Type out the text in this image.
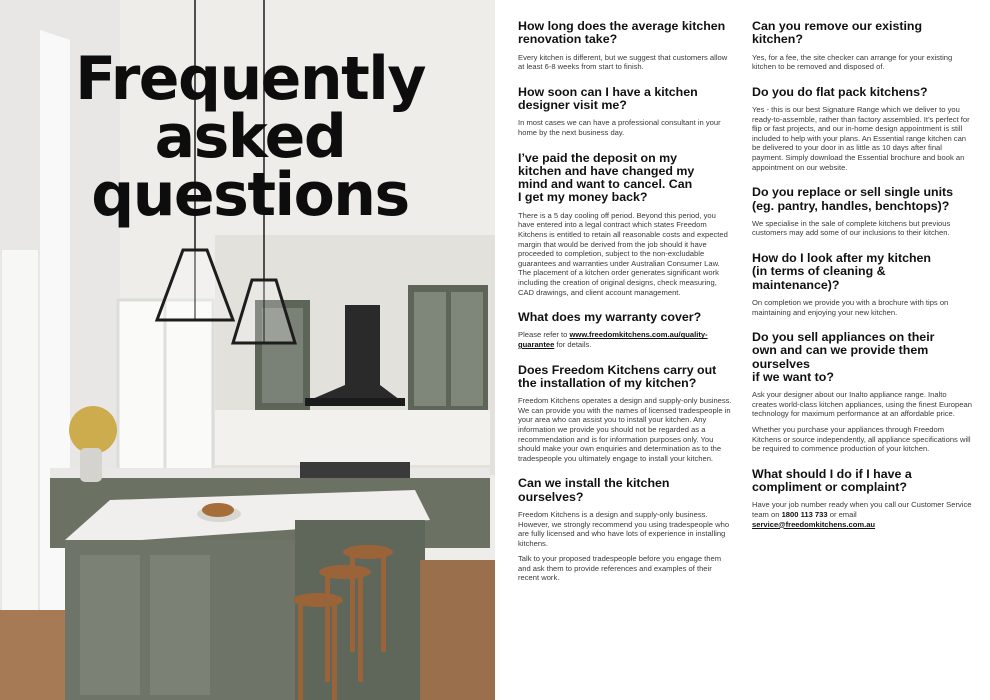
Frequently
asked
questions
How long does the average kitchen renovation take?

Every kitchen is different, but we suggest that customers allow at least 6-8 weeks from start to finish.

How soon can I have a kitchen designer visit me?

In most cases we can have a professional consultant in your home by the next business day.

I’ve paid the deposit on my kitchen and have changed my mind and want to cancel. Can I get my money back?

There is a 5 day cooling off period. Beyond this period, you have entered into a legal contract which states Freedom Kitchens is entitled to retain all reasonable costs and expected margin that would be derived from the job should it have proceeded to completion, subject to the non-excludable guarantees and warranties under Australian Consumer Law. The placement of a kitchen order generates significant work including the creation of original designs, check measuring, CAD drawings, and client account management.

What does my warranty cover?

Please refer to www.freedomkitchens.com.au/quality-guarantee for details.

Does Freedom Kitchens carry out the installation of my kitchen?

Freedom Kitchens operates a design and supply-only business. We can provide you with the names of licensed tradespeople in your area who can assist you to install your kitchen. Any information we provide you should not be regarded as a recommendation and is for information purposes only. You should make your own enquiries and determination as to the tradespeople you ultimately engage to install your kitchen.

Can we install the kitchen ourselves?

Freedom Kitchens is a design and supply-only business. However, we strongly recommend you using tradespeople who are fully licensed and who have lots of experience in installing kitchens.

Talk to your proposed tradespeople before you engage them and ask them to provide references and examples of their recent work.

Can you remove our existing kitchen?

Yes, for a fee, the site checker can arrange for your existing kitchen to be removed and disposed of.

Do you do flat pack kitchens?

Yes - this is our best Signature Range which we deliver to you ready-to-assemble, rather than factory assembled. It’s perfect for flip or fast projects, and our in-home design appointment is still included to help with your plans. An Essential range kitchen can be delivered to your door in as little as 10 days after final payment. Simply download the Essential brochure and book an appointment on our website.

Do you replace or sell single units (eg. pantry, handles, benchtops)?

We specialise in the sale of complete kitchens but previous customers may add some of our inclusions to their kitchen.

How do I look after my kitchen (in terms of cleaning & maintenance)?

On completion we provide you with a brochure with tips on maintaining and enjoying your new kitchen.

Do you sell appliances on their own and can we provide them ourselves
if we want to?

Ask your designer about our Inalto appliance range. Inalto creates world-class kitchen appliances, using the finest European technology for maximum performance at an affordable price.

Whether you purchase your appliances through Freedom Kitchens or source independently, all appliance specifications will be required to commence production of your kitchen.

What should I do if I have a compliment or complaint?

Have your job number ready when you call our Customer Service team on 1800 113 733 or email service@freedomkitchens.com.au
